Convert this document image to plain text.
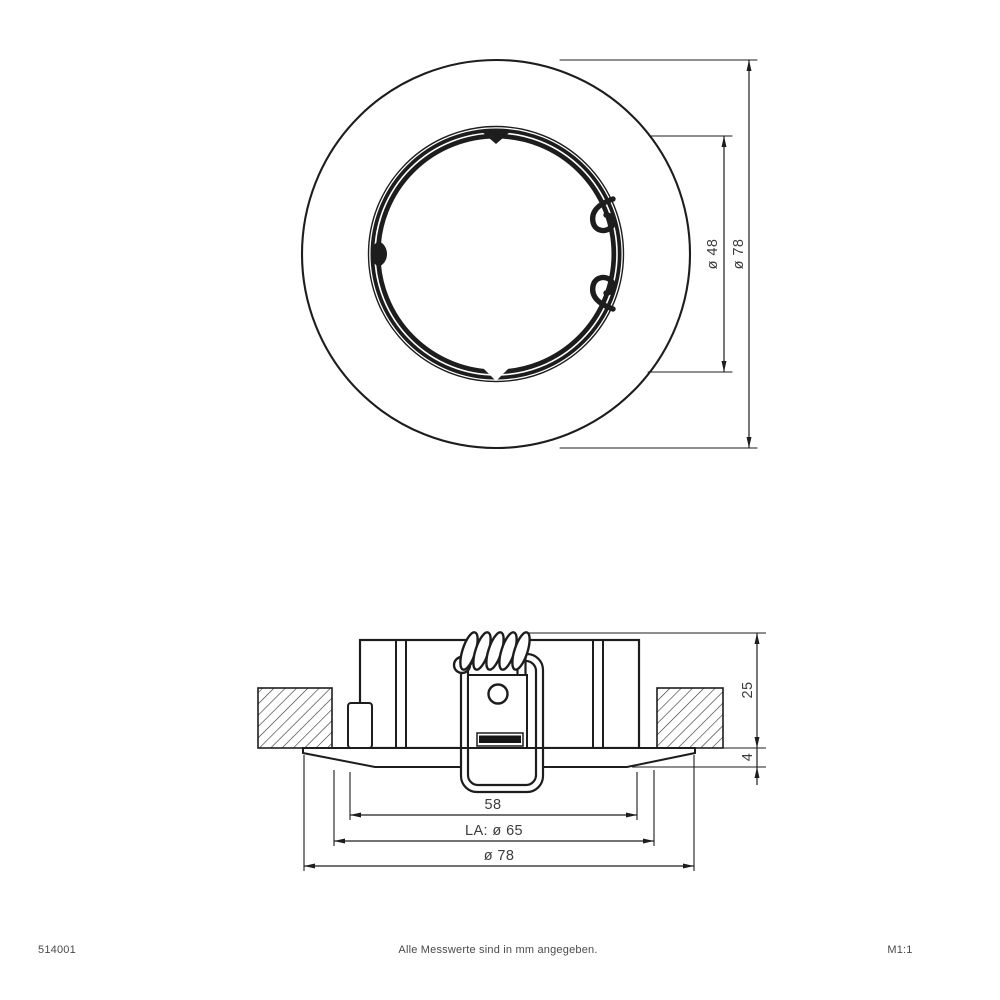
ø 48 ø 78
25
4
58
LA: ø 65
ø 78
514001	Alle Messwerte sind in mm angegeben.	M1:1
